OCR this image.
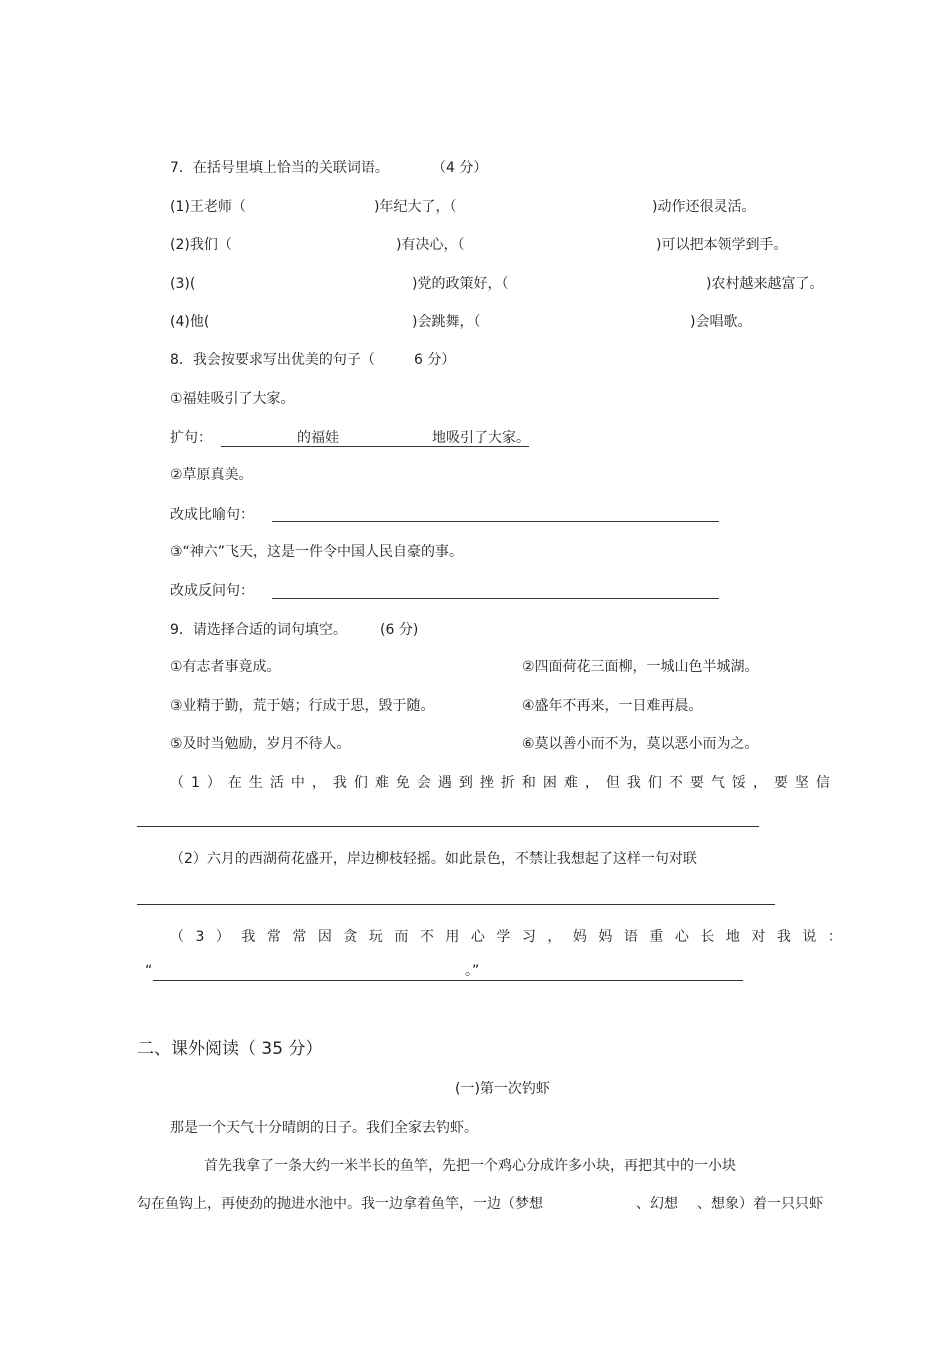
7．在括号里填上恰当的关联词语。	（4 分）
(1)王老师（	)年纪大了，（	)动作还很灵活。
(2)我们（	)有决心，（	)可以把本领学到手。
(3)(	)党的政策好，（	)农村越来越富了。
(4)他(	)会跳舞，（	)会唱歌。
8．我会按要求写出优美的句子（	6 分）
①福娃吸引了大家。
扩句：	的福娃	地吸引了大家。
②草原真美。
改成比喻句：
③“神六”飞天，这是一件令中国人民自豪的事。
改成反问句：
9．请选择合适的词句填空。 (6 分)
①有志者事竟成。	②四面荷花三面柳，一城山色半城湖。
③业精于勤，荒于嬉；行成于思，毁于随。	④盛年不再来，一日难再晨。
⑤及时当勉励，岁月不待人。	⑥莫以善小而不为，莫以恶小而为之。
（1）在生活中，我们难免会遇到挫折和困难，但我们不要气馁，要坚信
（2）六月的西湖荷花盛开，岸边柳枝轻摇。如此景色，不禁让我想起了这样一句对联
（3）我常常因贪玩而不用心学习，妈妈语重心长地对我说：
“	。”
二、课外阅读（ 35 分）
(一)第一次钓虾
那是一个天气十分晴朗的日子。我们全家去钓虾。
首先我拿了一条大约一米半长的鱼竿，先把一个鸡心分成许多小块，再把其中的一小块
勾在鱼钩上，再使劲的抛进水池中。我一边拿着鱼竿，一边（梦想	、幻想 、想象）着一只只虾
